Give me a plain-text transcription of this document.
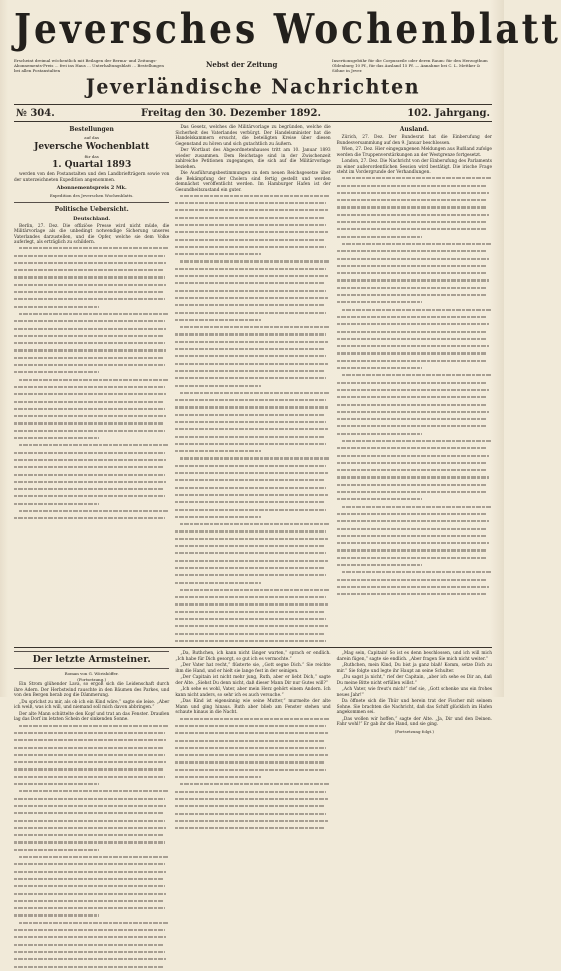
Jeversches Wochenblatt
Erscheint dreimal wöchentlich mit Beilagen der Berma- und Zeitungs- Abonnements-Preis ... frei ins Haus ... Unterhaltungsblatt ... Bestellungen bei allen Postanstalten
Nebst der Zeitung	Insertionsgebühr für die Corpuszeile oder deren Raum: für den Herzogthum Oldenburg 10 Pf., für das Ausland 15 Pf. — Annahme bei C. L. Mettker & Söhne in Jever.
Jeverländische Nachrichten
№ 304.	Freitag den 30. Dezember 1892.	102. Jahrgang.
Bestellungen
auf das
Jeversche Wochenblatt
für das
1. Quartal 1893

werden von den Postanstalten und den Landbriefträgern sowie von der unterzeichneten Expedition angenommen.

Abonnementspreis 2 Mk.
Expedition des Jeverschen Wochenblatts.
Politische Uebersicht.
Deutschland.

Berlin, 27. Dez. Die offiziöse Presse wird nicht müde, die Militärvorlage als die unbedingt notwendige Sicherung unseres Vaterlandes darzustellen, und die Opfer, welche sie dem Volke auferlegt, als erträglich zu schildern.

Das Gesetz, welches die Militärvorlage zu begründen, welche die Sicherheit des Vaterlandes verbürgt. Der Handelsminister hat die Handelskammern ersucht, die beteiligten Kreise über diesen Gegenstand zu hören und sich gutachtlich zu äußern.

Der Wortlaut des Abgeordnetenhauses tritt am 10. Januar 1893 wieder zusammen. Dem Reichstage sind in der Zwischenzeit zahlreiche Petitionen zugegangen, die sich auf die Militärvorlage beziehen.

Die Ausführungsbestimmungen zu dem neuen Reichsgesetze über die Bekämpfung der Cholera sind fertig gestellt und werden demnächst veröffentlicht werden. Im Hamburger Hafen ist der Gesundheitszustand ein guter.

Ausland.

Zürich, 27. Dez. Der Bundesrat hat die Einberufung der Bundesversammlung auf den 9. Januar beschlossen.

Wien, 27. Dez. Hier eingegangenen Meldungen aus Rußland zufolge werden die Truppenverstärkungen an der Westgrenze fortgesetzt.

London, 27. Dez. Die Nachricht von der Einberufung des Parlaments zu einer außerordentlichen Session wird bestätigt. Die irische Frage steht im Vordergrunde der Verhandlungen.

Der letzte Armsteiner.
Roman von G. Wörishöffer.
(Fortsetzung.)

Ein Strom glühender Lava, so ergoß sich die Leidenschaft durch ihre Adern. Der Herbstwind rauschte in den Bäumen des Parkes, und von den Bergen herab zog die Dämmerung.

„Du sprichst zu mir, als ob ich ein Kind wäre,“ sagte sie leise. „Aber ich weiß, was ich will, und niemand soll mich davon abbringen.“

Der alte Mann schüttelte den Kopf und trat an das Fenster. Draußen lag das Dorf im letzten Schein der sinkenden Sonne.

„Da, Ruthchen, ich kann nicht länger warten,“ sprach er endlich. „Ich habe für Dich gesorgt, so gut ich es vermochte.“

„Der Vater hat recht,“ flüsterte sie, „Gott segne Dich.“ Sie reichte ihm die Hand, und er hielt sie lange fest in der seinigen.

„Der Capitain ist nicht mehr jung, Ruth, aber er liebt Dich,“ sagte der Alte. „Siehst Du denn nicht, daß dieser Mann Dir nur Gutes will?“

„Ich sehe es wohl, Vater, aber mein Herz gehört einem Andern. Ich kann nicht anders, so sehr ich es auch versuche.“

„Das Kind ist eigensinnig wie seine Mutter,“ murmelte der alte Mann und ging hinaus. Ruth aber blieb am Fenster stehen und schaute hinaus in die Nacht.

„Mag sein, Capitain! So ist es denn beschlossen, und ich will mich darein fügen,“ sagte sie endlich. „Aber fragen Sie mich nicht weiter.“

„Ruthchen, mein Kind, Du bist ja ganz blaß! Komm, setze Dich zu mir.“ Sie folgte und legte ihr Haupt an seine Schulter.

„Du sagst ja nicht,“ rief der Capitain, „aber ich sehe es Dir an, daß Du meine Bitte nicht erfüllen willst.“

„Ach Vater, wie freut's mich!“ rief sie, „Gott schenke uns ein frohes neues Jahr!“

Da öffnete sich die Thür und herein trat der Fischer mit seinem Sohne. Sie brachten die Nachricht, daß das Schiff glücklich im Hafen angekommen sei.

„Das wollen wir hoffen,“ sagte der Alte. „Ja, Dir und den Deinen. Fahr wohl!“ Er gab ihr die Hand, und sie ging.

(Fortsetzung folgt.)
